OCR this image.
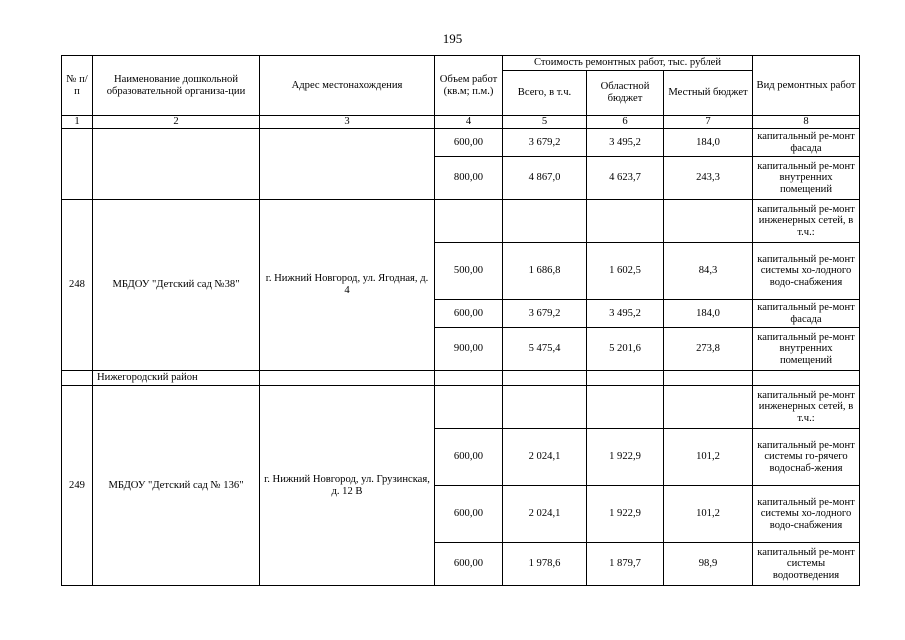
195
№ п/п	Наименование дошкольной образовательной организа-ции	Адрес местонахождения	Объем работ (кв.м; п.м.)	Стоимость ремонтных работ, тыс. рублей			Вид ремонтных работ
				Всего, в т.ч.	Областной бюджет	Местный бюджет	
1	2	3	4	5	6	7	8
			600,00	3 679,2	3 495,2	184,0	капитальный ре-монт фасада
			800,00	4 867,0	4 623,7	243,3	капитальный ре-монт внутренних помещений
248	МБДОУ "Детский сад №38"	г. Нижний Новгород, ул. Ягодная, д. 4					капитальный ре-монт инженерных сетей, в т.ч.:
			500,00	1 686,8	1 602,5	84,3	капитальный ре-монт системы хо-лодного водо-снабжения
			600,00	3 679,2	3 495,2	184,0	капитальный ре-монт фасада
			900,00	5 475,4	5 201,6	273,8	капитальный ре-монт внутренних помещений
	Нижегородский район						
249	МБДОУ "Детский сад № 136"	г. Нижний Новгород, ул. Грузинская, д. 12 В					капитальный ре-монт инженерных сетей, в т.ч.:
			600,00	2 024,1	1 922,9	101,2	капитальный ре-монт системы го-рячего водоснаб-жения
			600,00	2 024,1	1 922,9	101,2	капитальный ре-монт системы хо-лодного водо-снабжения
			600,00	1 978,6	1 879,7	98,9	капитальный ре-монт системы водоотведения
